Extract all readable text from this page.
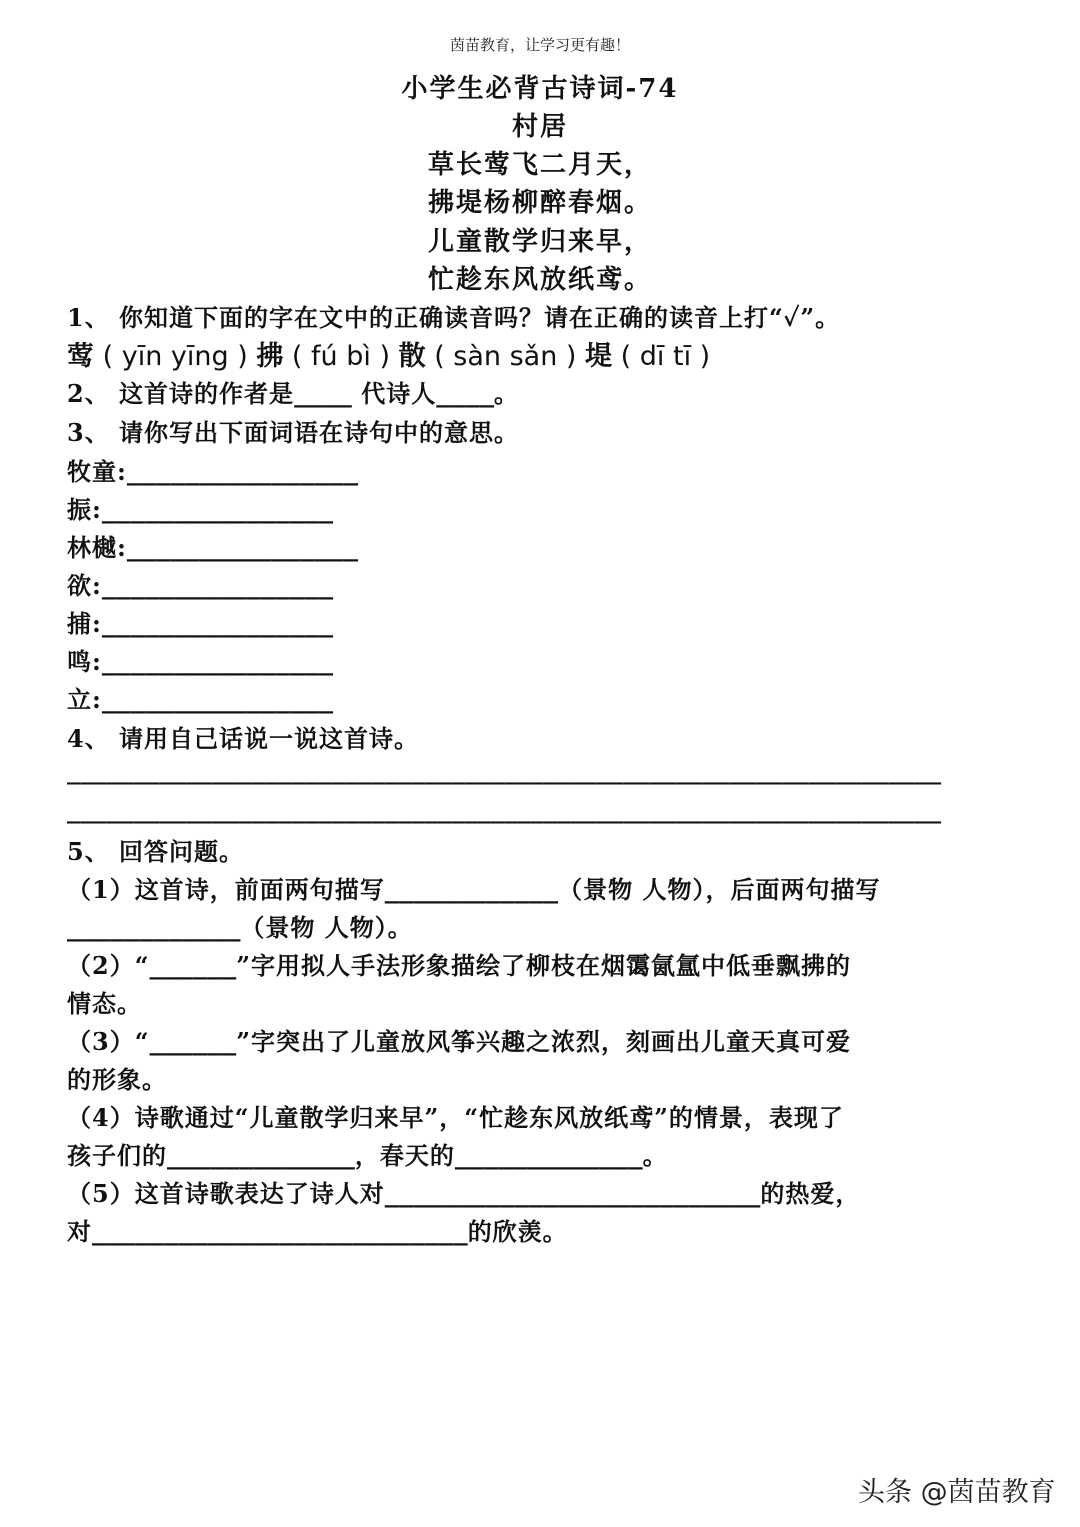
茵苗教育，让学习更有趣！
小学生必背古诗词-74
村居
草长莺飞二月天，
拂堤杨柳醉春烟。
儿童散学归来早，
忙趁东风放纸鸢。
1、 你知道下面的字在文中的正确读音吗？请在正确的读音上打“✓”。
莺 ( yīn yīng ) 拂 ( fú bì ) 散 ( sàn sǎn ) 堤 ( dī tī )
2、 这首诗的作者是____ 代诗人____。
3、 请你写出下面词语在诗句中的意思。
牧童:________________
振:________________
林樾:________________
欲:________________
捕:________________
鸣:________________
立:________________
4、 请用自己话说一说这首诗。
__________________________________________________________________
__________________________________________________________________
5、 回答问题。
（1）这首诗，前面两句描写____________（景物 人物），后面两句描写
____________（景物 人物）。
（2）“______”字用拟人手法形象描绘了柳枝在烟霭氤氲中低垂飘拂的
情态。
（3）“______”字突出了儿童放风筝兴趣之浓烈，刻画出儿童天真可爱
的形象。
（4）诗歌通过“儿童散学归来早”，“忙趁东风放纸鸢”的情景，表现了
孩子们的_____________，春天的_____________。
（5）这首诗歌表达了诗人对__________________________的热爱，
对__________________________的欣羡。
头条 @茵苗教育
